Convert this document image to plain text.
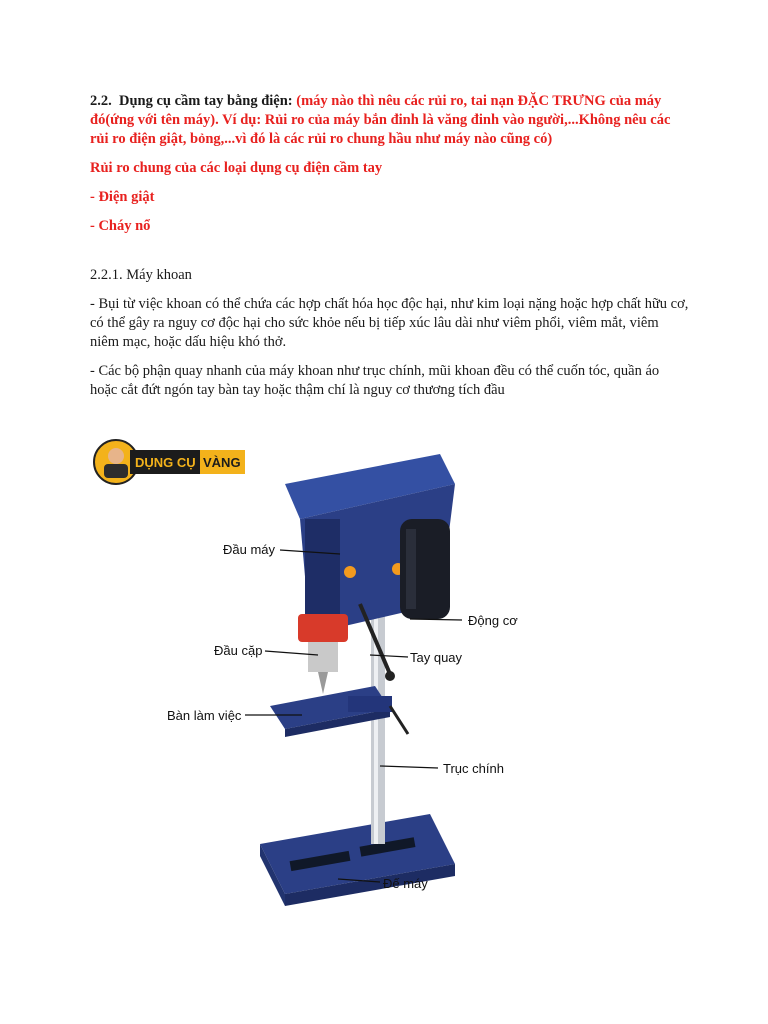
2.2. Dụng cụ cầm tay bằng điện: (máy nào thì nêu các rủi ro, tai nạn ĐẶC TRƯNG của máy đó(ứng với tên máy). Ví dụ: Rủi ro của máy bắn đinh là văng đinh vào người,...Không nêu các rủi ro điện giật, bỏng,...vì đó là các rủi ro chung hầu như máy nào cũng có)

Rủi ro chung của các loại dụng cụ điện cầm tay

- Điện giật

- Cháy nổ

2.2.1. Máy khoan

- Bụi từ việc khoan có thể chứa các hợp chất hóa học độc hại, như kim loại nặng hoặc hợp chất hữu cơ, có thể gây ra nguy cơ độc hại cho sức khỏe nếu bị tiếp xúc lâu dài như viêm phổi, viêm mắt, viêm niêm mạc, hoặc dấu hiệu khó thở.

- Các bộ phận quay nhanh của máy khoan như trục chính, mũi khoan đều có thể cuốn tóc, quần áo hoặc cắt đứt ngón tay bàn tay hoặc thậm chí là nguy cơ thương tích đầu

DỤNG CỤ VÀNG
Đầu máy
Động cơ
Đầu cặp	Tay quay
Bàn làm việc
Trục chính
Đế máy
